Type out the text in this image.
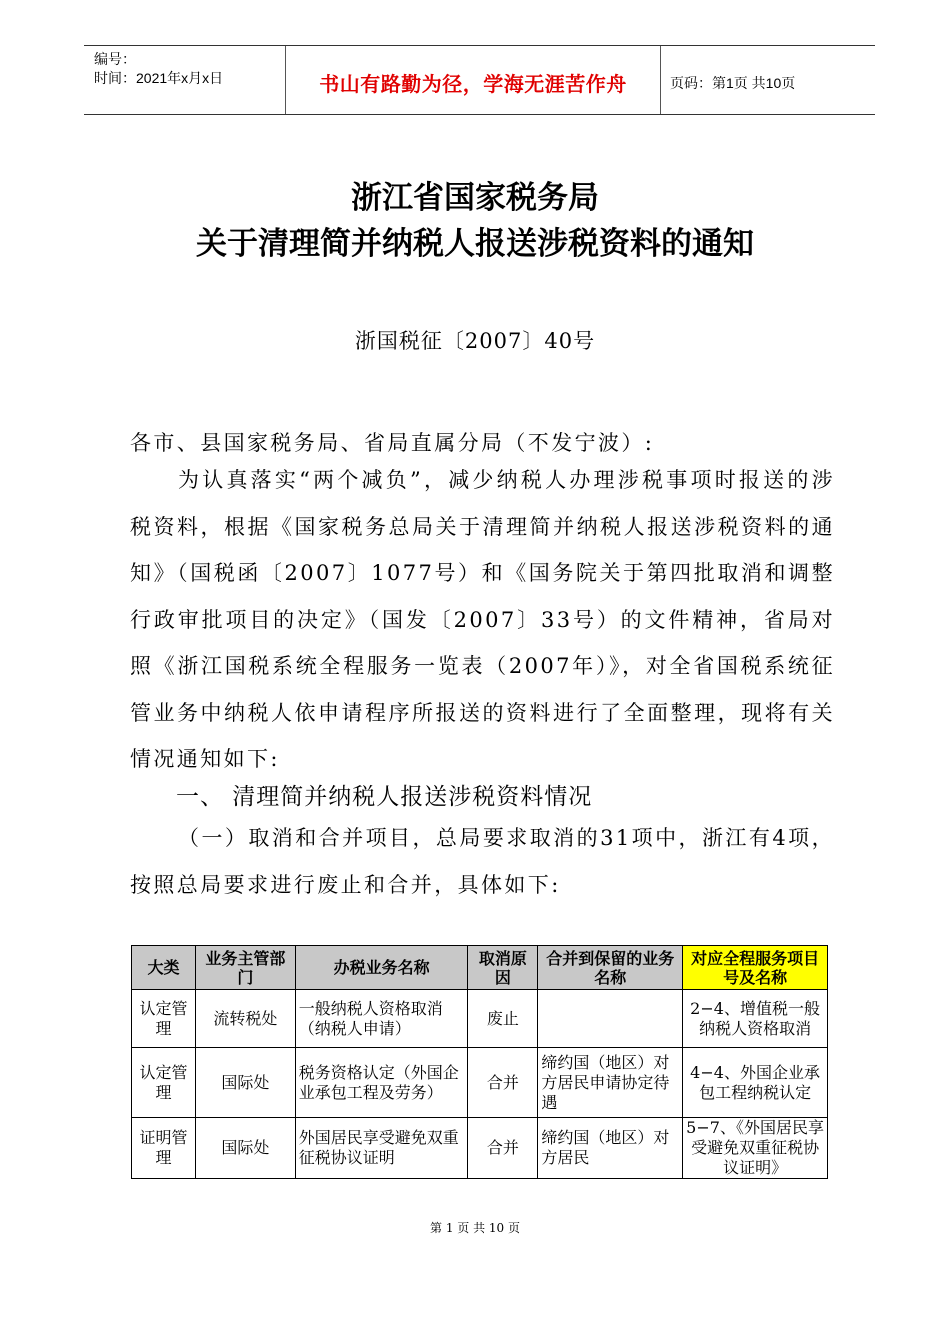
编号：
时间：2021年x月x日	书山有路勤为径，学海无涯苦作舟	页码：第1页 共10页
浙江省国家税务局
关于清理简并纳税人报送涉税资料的通知
浙国税征〔2007〕40号
各市、县国家税务局、省局直属分局（不发宁波）:
为认真落实“两个减负”，减少纳税人办理涉税事项时报送的涉税资料，根据《国家税务总局关于清理简并纳税人报送涉税资料的通知》（国税函〔2007〕1077号）和《国务院关于第四批取消和调整行政审批项目的决定》（国发〔2007〕33号）的文件精神，省局对照《浙江国税系统全程服务一览表（2007年）》，对全省国税系统征管业务中纳税人依申请程序所报送的资料进行了全面整理，现将有关情况通知如下:
一、 清理简并纳税人报送涉税资料情况
（一）取消和合并项目，总局要求取消的31项中，浙江有4项，按照总局要求进行废止和合并，具体如下:
大类	业务主管部门	办税业务名称	取消原因	合并到保留的业务名称	对应全程服务项目号及名称
认定管理	流转税处	一般纳税人资格取消（纳税人申请）	废止		2−4、增值税一般纳税人资格取消
认定管理	国际处	税务资格认定（外国企业承包工程及劳务）	合并	缔约国（地区）对方居民申请协定待遇	4−4、外国企业承包工程纳税认定
证明管理	国际处	外国居民享受避免双重征税协议证明	合并	缔约国（地区）对方居民	5−7、《外国居民享受避免双重征税协议证明》
第 1 页 共 10 页
